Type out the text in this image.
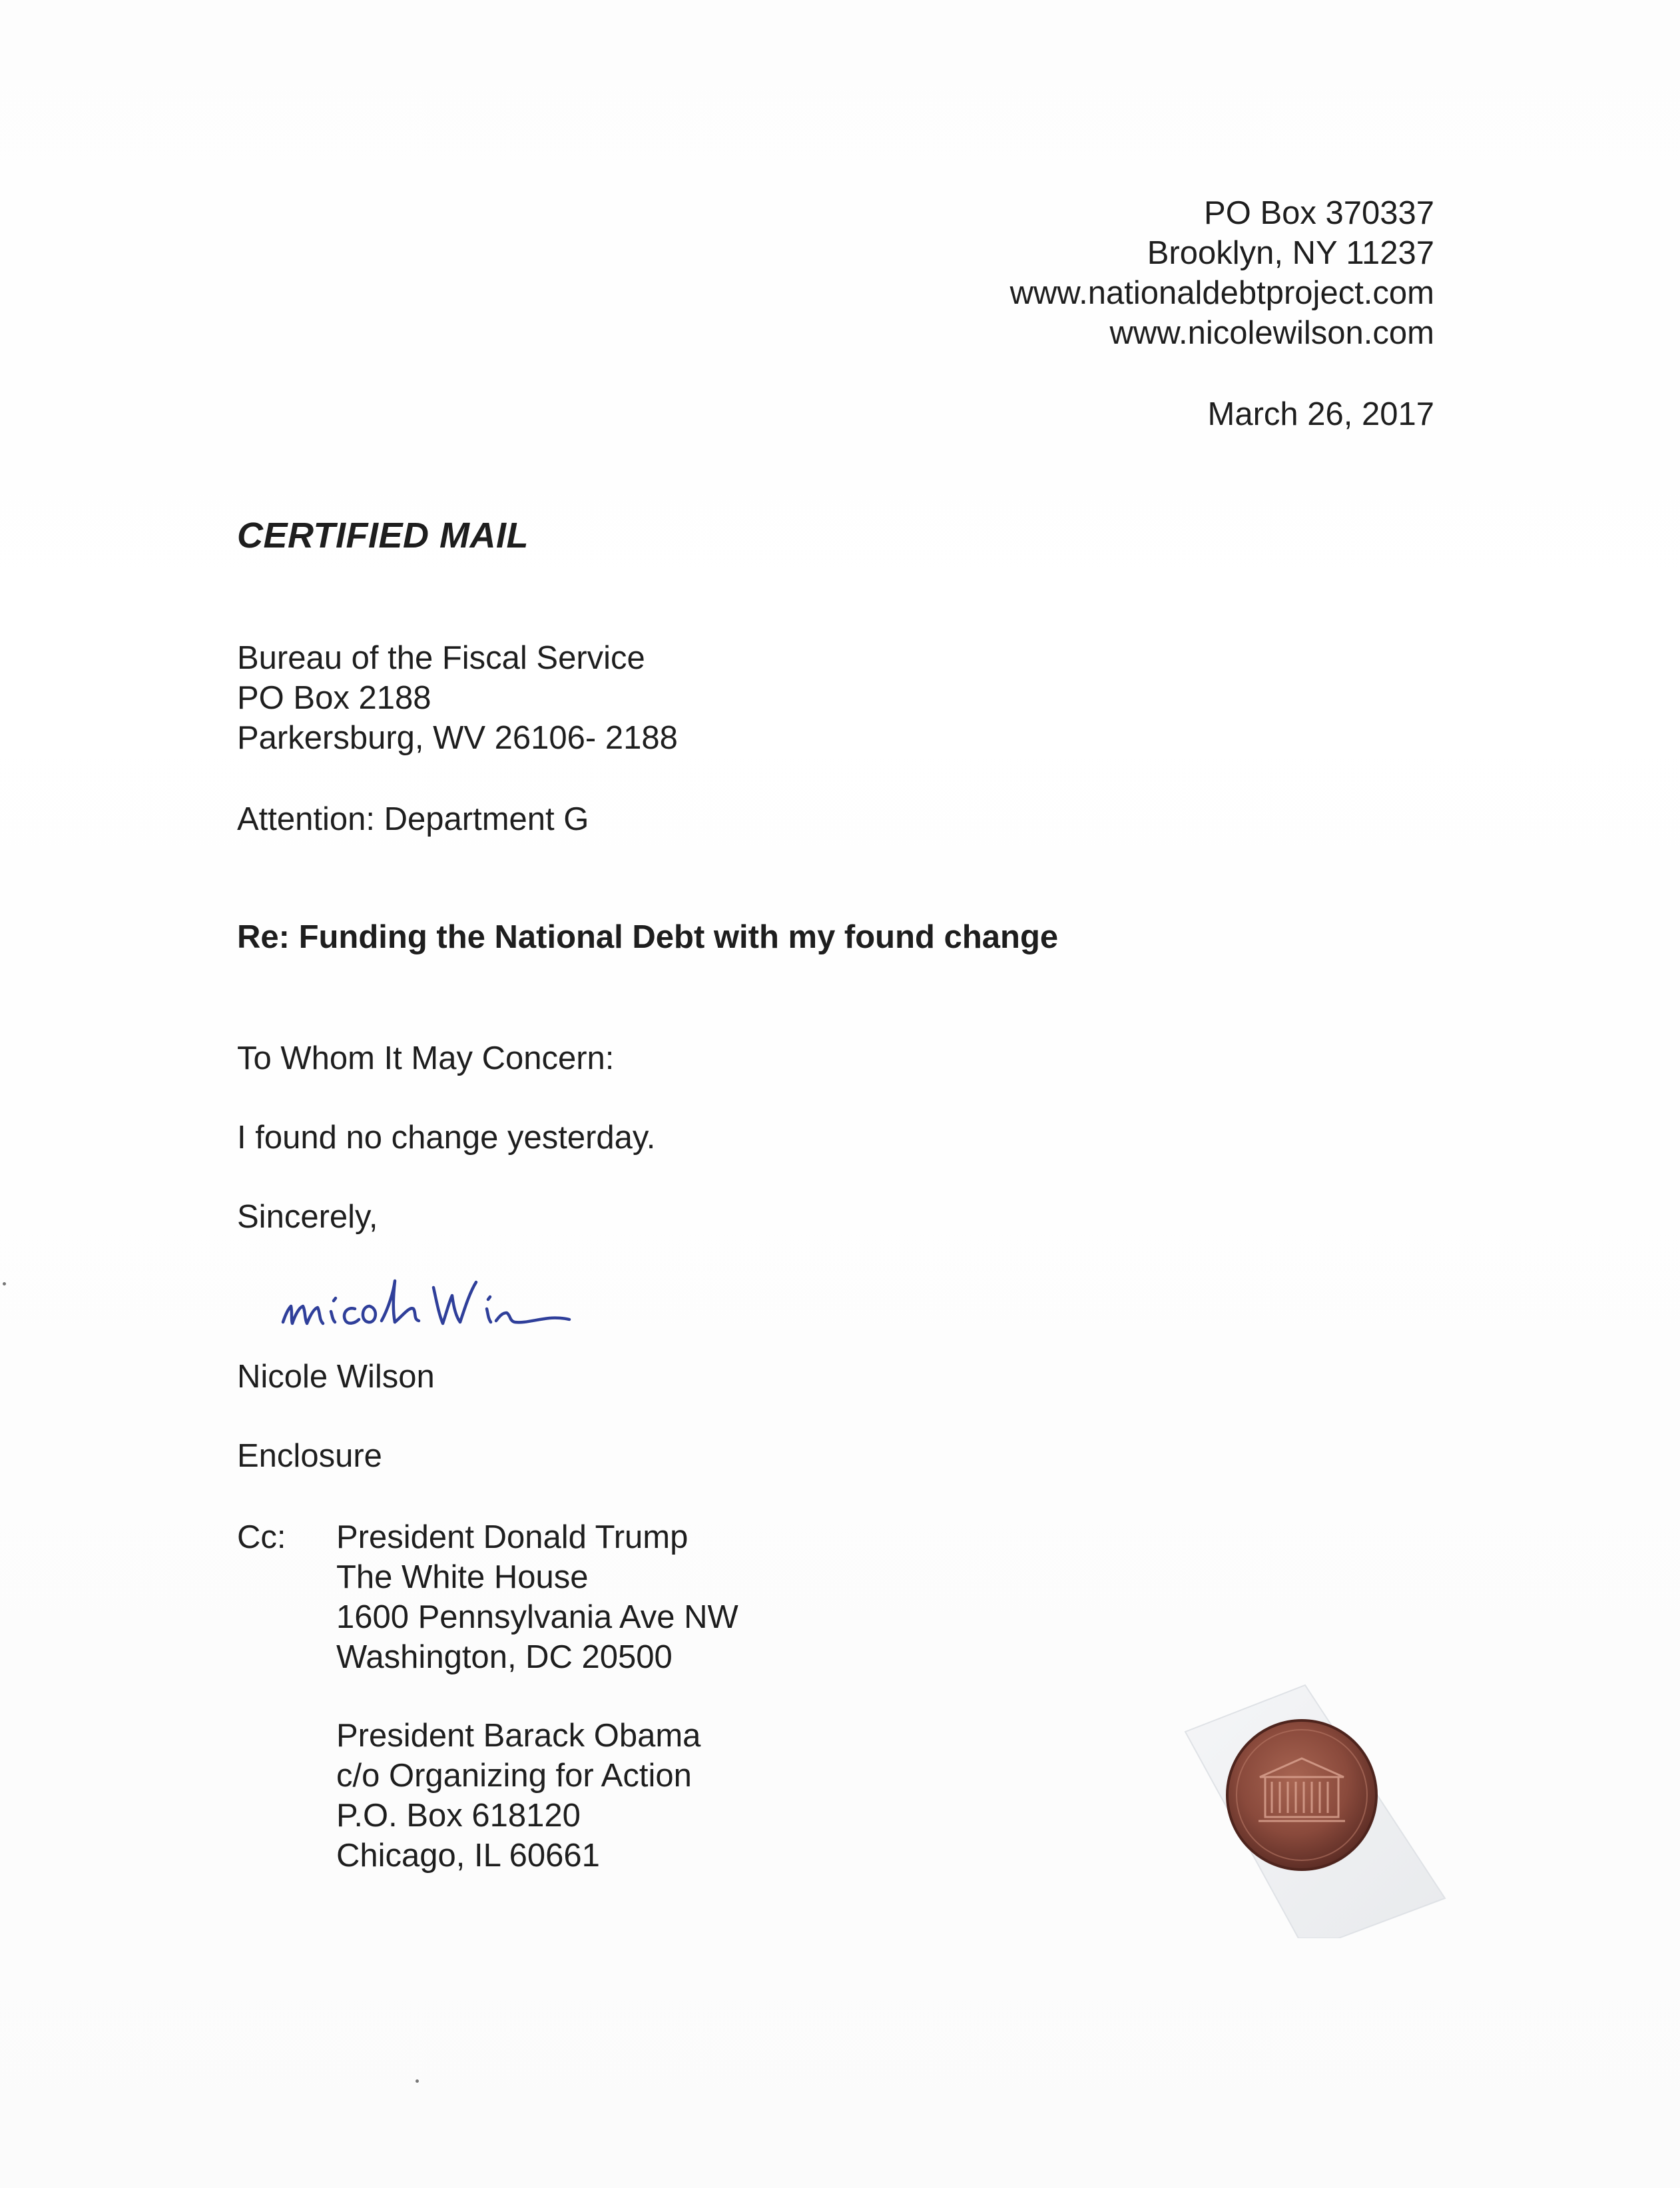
PO Box 370337
Brooklyn, NY 11237
www.nationaldebtproject.com
www.nicolewilson.com
March 26, 2017
CERTIFIED MAIL
Bureau of the Fiscal Service
PO Box 2188
Parkersburg, WV 26106- 2188
Attention: Department G
Re: Funding the National Debt with my found change
To Whom It May Concern:
I found no change yesterday.
Sincerely,
Nicole Wilson
Enclosure
Cc: President Donald Trump
The White House
1600 Pennsylvania Ave NW
Washington, DC 20500
President Barack Obama
c/o Organizing for Action
P.O. Box 618120
Chicago, IL 60661
